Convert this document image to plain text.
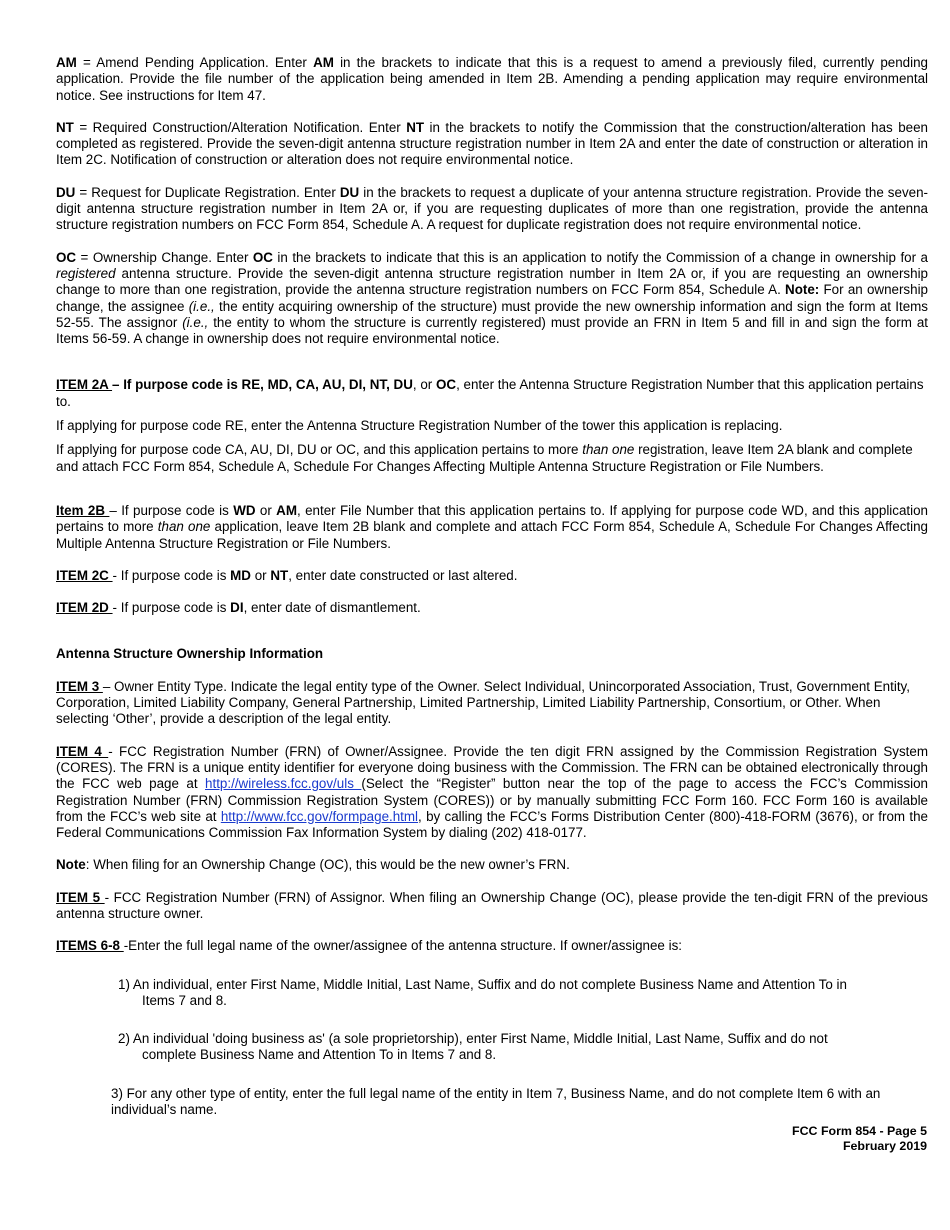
AM = Amend Pending Application. Enter AM in the brackets to indicate that this is a request to amend a previously filed, currently pending application. Provide the file number of the application being amended in Item 2B. Amending a pending application may require environmental notice. See instructions for Item 47.

NT = Required Construction/Alteration Notification. Enter NT in the brackets to notify the Commission that the construction/alteration has been completed as registered. Provide the seven-digit antenna structure registration number in Item 2A and enter the date of construction or alteration in Item 2C. Notification of construction or alteration does not require environmental notice.

DU = Request for Duplicate Registration. Enter DU in the brackets to request a duplicate of your antenna structure registration. Provide the seven-digit antenna structure registration number in Item 2A or, if you are requesting duplicates of more than one registration, provide the antenna structure registration numbers on FCC Form 854, Schedule A. A request for duplicate registration does not require environmental notice.

OC = Ownership Change. Enter OC in the brackets to indicate that this is an application to notify the Commission of a change in ownership for a registered antenna structure. Provide the seven-digit antenna structure registration number in Item 2A or, if you are requesting an ownership change to more than one registration, provide the antenna structure registration numbers on FCC Form 854, Schedule A. Note: For an ownership change, the assignee (i.e., the entity acquiring ownership of the structure) must provide the new ownership information and sign the form at Items 52-55. The assignor (i.e., the entity to whom the structure is currently registered) must provide an FRN in Item 5 and fill in and sign the form at Items 56-59. A change in ownership does not require environmental notice.

ITEM 2A – If purpose code is RE, MD, CA, AU, DI, NT, DU, or OC, enter the Antenna Structure Registration Number that this application pertains to.

If applying for purpose code RE, enter the Antenna Structure Registration Number of the tower this application is replacing.

If applying for purpose code CA, AU, DI, DU or OC, and this application pertains to more than one registration, leave Item 2A blank and complete and attach FCC Form 854, Schedule A, Schedule For Changes Affecting Multiple Antenna Structure Registration or File Numbers.

Item 2B – If purpose code is WD or AM, enter File Number that this application pertains to. If applying for purpose code WD, and this application pertains to more than one application, leave Item 2B blank and complete and attach FCC Form 854, Schedule A, Schedule For Changes Affecting Multiple Antenna Structure Registration or File Numbers.

ITEM 2C - If purpose code is MD or NT, enter date constructed or last altered.

ITEM 2D - If purpose code is DI, enter date of dismantlement.

Antenna Structure Ownership Information

ITEM 3 – Owner Entity Type. Indicate the legal entity type of the Owner. Select Individual, Unincorporated Association, Trust, Government Entity, Corporation, Limited Liability Company, General Partnership, Limited Partnership, Limited Liability Partnership, Consortium, or Other. When selecting ‘Other’, provide a description of the legal entity.

ITEM 4 - FCC Registration Number (FRN) of Owner/Assignee. Provide the ten digit FRN assigned by the Commission Registration System (CORES). The FRN is a unique entity identifier for everyone doing business with the Commission. The FRN can be obtained electronically through the FCC web page at http://wireless.fcc.gov/uls (Select the “Register” button near the top of the page to access the FCC’s Commission Registration Number (FRN) Commission Registration System (CORES)) or by manually submitting FCC Form 160. FCC Form 160 is available from the FCC’s web site at http://www.fcc.gov/formpage.html, by calling the FCC’s Forms Distribution Center (800)-418-FORM (3676), or from the Federal Communications Commission Fax Information System by dialing (202) 418-0177.

Note: When filing for an Ownership Change (OC), this would be the new owner’s FRN.

ITEM 5 - FCC Registration Number (FRN) of Assignor. When filing an Ownership Change (OC), please provide the ten-digit FRN of the previous antenna structure owner.

ITEMS 6-8 -Enter the full legal name of the owner/assignee of the antenna structure. If owner/assignee is:

1) An individual, enter First Name, Middle Initial, Last Name, Suffix and do not complete Business Name and Attention To in Items 7 and 8.

2) An individual 'doing business as' (a sole proprietorship), enter First Name, Middle Initial, Last Name, Suffix and do not complete Business Name and Attention To in Items 7 and 8.

3) For any other type of entity, enter the full legal name of the entity in Item 7, Business Name, and do not complete Item 6 with an individual’s name.

FCC Form 854 - Page 5
February 2019
